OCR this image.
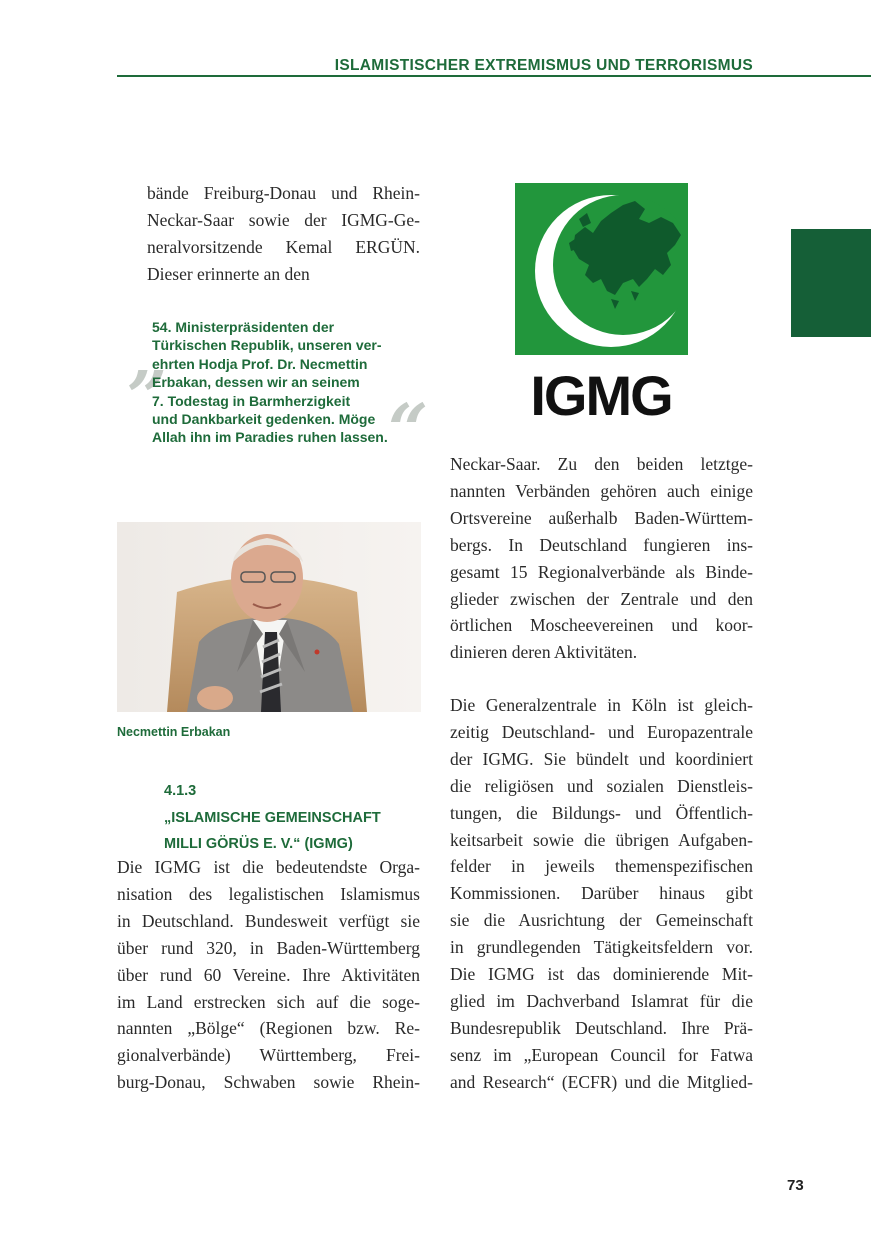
ISLAMISTISCHER EXTREMISMUS UND TERRORISMUS
bände Freiburg-Donau und Rhein-
Neckar-Saar sowie der IGMG-Ge-
neralvorsitzende Kemal ERGÜN.
Dieser erinnerte an den
„
“
54. Ministerpräsidenten der
Türkischen Republik, unseren ver-
ehrten Hodja Prof. Dr. Necmettin
Erbakan, dessen wir an seinem
7. Todestag in Barmherzigkeit
und Dankbarkeit gedenken. Möge
Allah ihn im Paradies ruhen lassen.
IGMG
Necmettin Erbakan
4.1.3
„ISLAMISCHE GEMEINSCHAFT
MILLI GÖRÜS E. V.“ (IGMG)
Die IGMG ist die bedeutendste Orga-
nisation des legalistischen Islamismus
in Deutschland. Bundesweit verfügt sie
über rund 320, in Baden-Württemberg
über rund 60 Vereine. Ihre Aktivitäten
im Land erstrecken sich auf die soge-
nannten „Bölge“ (Regionen bzw. Re-
gionalverbände) Württemberg, Frei-
burg-Donau, Schwaben sowie Rhein-
Neckar-Saar. Zu den beiden letztge-
nannten Verbänden gehören auch einige
Ortsvereine außerhalb Baden-Württem-
bergs. In Deutschland fungieren ins-
gesamt 15 Regionalverbände als Binde-
glieder zwischen der Zentrale und den
örtlichen Moscheevereinen und koor-
dinieren deren Aktivitäten.
Die Generalzentrale in Köln ist gleich-
zeitig Deutschland- und Europazentrale
der IGMG. Sie bündelt und koordiniert
die religiösen und sozialen Dienstleis-
tungen, die Bildungs- und Öffentlich-
keitsarbeit sowie die übrigen Aufgaben-
felder in jeweils themenspezifischen
Kommissionen. Darüber hinaus gibt
sie die Ausrichtung der Gemeinschaft
in grundlegenden Tätigkeitsfeldern vor.
Die IGMG ist das dominierende Mit-
glied im Dachverband Islamrat für die
Bundesrepublik Deutschland. Ihre Prä-
senz im „European Council for Fatwa
and Research“ (ECFR) und die Mitglied-
73
